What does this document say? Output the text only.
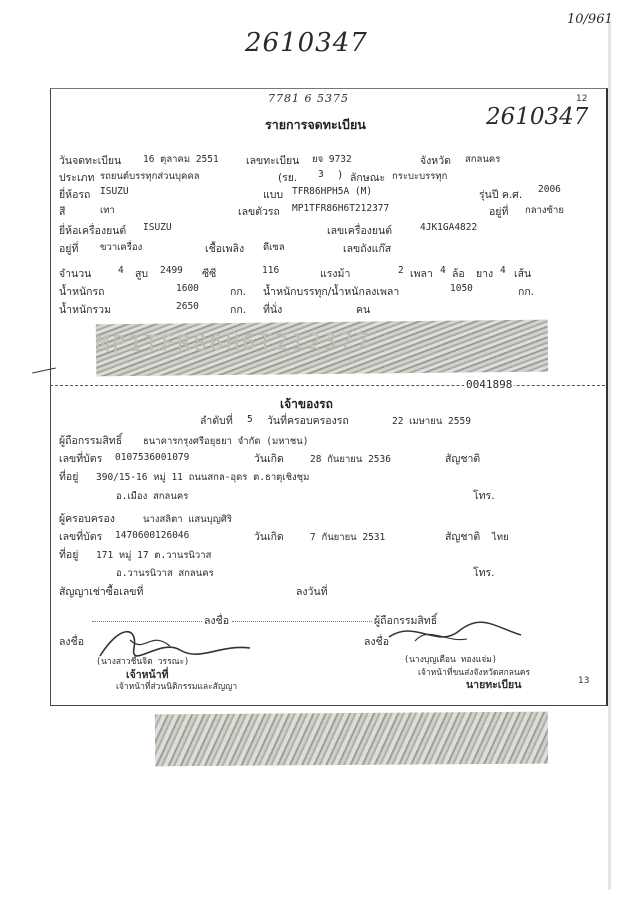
2610347
10/961
7781 6 5375
2610347
12
รายการจดทะเบียน
วันจดทะเบียน 16 ตุลาคม 2551	เลขทะเบียน ยจ 9732	จังหวัด สกลนคร
ประเภท รถยนต์บรรทุกส่วนบุคคล	(รย. 3 ) ลักษณะ กระบะบรรทุก
ยี่ห้อรถ ISUZU	แบบ TFR86HPH5A (M)	รุ่นปี ค.ศ. 2006
สี	เทา	เลขตัวรถ MP1TFR86H6T212377	อยู่ที่ กลางซ้าย
ยี่ห้อเครื่องยนต์ ISUZU	เลขเครื่องยนต์	4JK1GA4822
อยู่ที่ ขวาเครื่อง	เชื้อเพลิง ดีเซล	เลขถังแก๊ส
จำนวน	4 สูบ 2499 ซีซี	116	แรงม้า	2 เพลา 4 ล้อ ยาง 4 เส้น
น้ำหนักรถ	1600	กก. น้ำหนักบรรทุก/น้ำหนักลงเพลา	1050	กก.
น้ำหนักรวม	2650	กก. ที่นั่ง	คน
MP1TFR86H6T212377
0041898
เจ้าของรถ
ลำดับที่ 5 วันที่ครอบครองรถ	22 เมษายน 2559
ผู้ถือกรรมสิทธิ์ ธนาคารกรุงศรีอยุธยา จำกัด (มหาชน)
เลขที่บัตร 0107536001079	วันเกิด	28 กันยายน 2536	สัญชาติ
ที่อยู่ 390/15-16 หมู่ 11 ถนนสกล-อุดร ต.ธาตุเชิงชุม
อ.เมือง สกลนคร	โทร.
ผู้ครอบครอง	นางสลิตา แสนบุญศิริ
เลขที่บัตร 1470600126046	วันเกิด	7 กันยายน 2531	สัญชาติ ไทย
ที่อยู่ 171 หมู่ 17 ต.วานรนิวาส
อ.วานรนิวาส สกลนคร	โทร.
สัญญาเช่าซื้อเลขที่	ลงวันที่
ลงชื่อ	ผู้ถือกรรมสิทธิ์
ลงชื่อ
(นางสาวชื่นจิต วรรณะ)
เจ้าหน้าที่
เจ้าหน้าที่ส่วนนิติกรรมและสัญญา
ลงชื่อ
(นางบุญเตือน ทองแจ่ม)
เจ้าหน้าที่ขนส่งจังหวัดสกลนคร
นายทะเบียน	13
